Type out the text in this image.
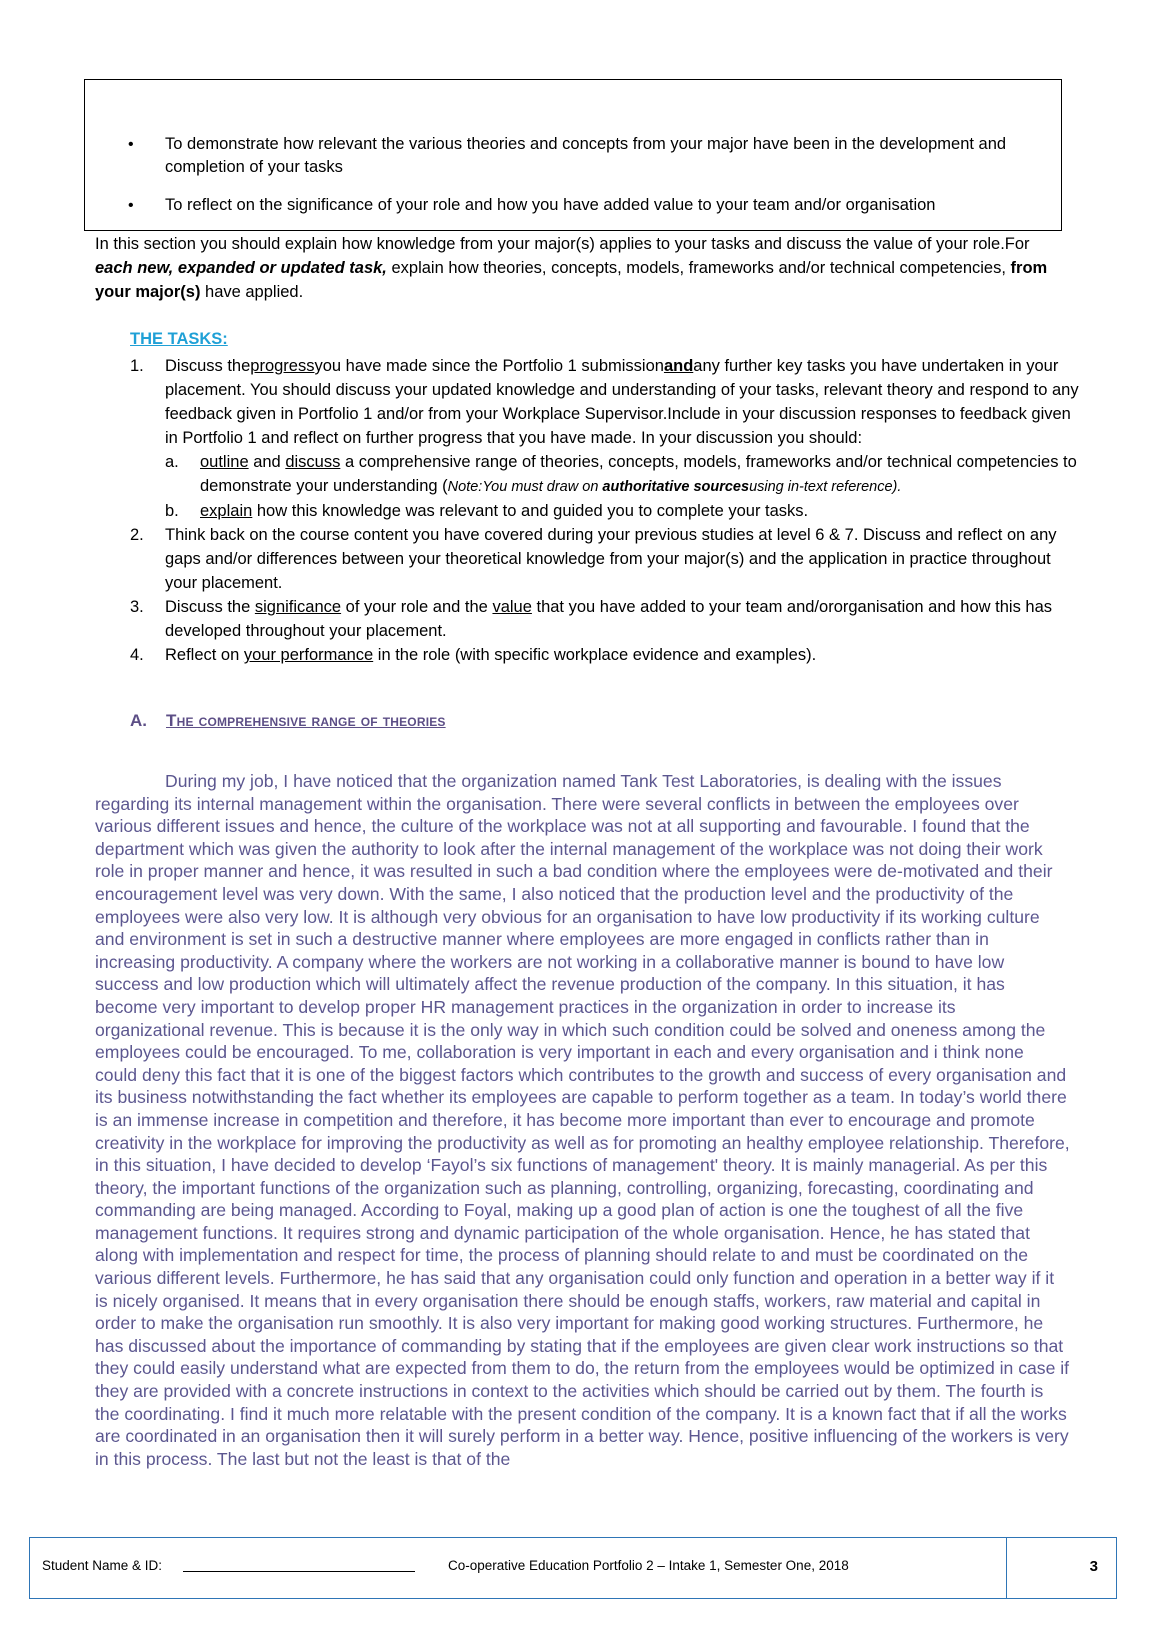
• To demonstrate how relevant the various theories and concepts from your major have been in the development and completion of your tasks
• To reflect on the significance of your role and how you have added value to your team and/or organisation
In this section you should explain how knowledge from your major(s) applies to your tasks and discuss the value of your role.For each new, expanded or updated task, explain how theories, concepts, models, frameworks and/or technical competencies, from your major(s) have applied.
THE TASKS:
1. Discuss theprogressyou have made since the Portfolio 1 submissionandany further key tasks you have undertaken in your placement. You should discuss your updated knowledge and understanding of your tasks, relevant theory and respond to any feedback given in Portfolio 1 and/or from your Workplace Supervisor.Include in your discussion responses to feedback given in Portfolio 1 and reflect on further progress that you have made. In your discussion you should:
a. outline and discuss a comprehensive range of theories, concepts, models, frameworks and/or technical competencies to demonstrate your understanding (Note:You must draw on authoritative sourcesusing in-text reference).
b. explain how this knowledge was relevant to and guided you to complete your tasks.
2. Think back on the course content you have covered during your previous studies at level 6 & 7. Discuss and reflect on any gaps and/or differences between your theoretical knowledge from your major(s) and the application in practice throughout your placement.
3. Discuss the significance of your role and the value that you have added to your team and/ororganisation and how this has developed throughout your placement.
4. Reflect on your performance in the role (with specific workplace evidence and examples).
A. The comprehensive range of theories
During my job, I have noticed that the organization named Tank Test Laboratories, is dealing with the issues regarding its internal management within the organisation. There were several conflicts in between the employees over various different issues and hence, the culture of the workplace was not at all supporting and favourable. I found that the department which was given the authority to look after the internal management of the workplace was not doing their work role in proper manner and hence, it was resulted in such a bad condition where the employees were de-motivated and their encouragement level was very down. With the same, I also noticed that the production level and the productivity of the employees were also very low. It is although very obvious for an organisation to have low productivity if its working culture and environment is set in such a destructive manner where employees are more engaged in conflicts rather than in increasing productivity. A company where the workers are not working in a collaborative manner is bound to have low success and low production which will ultimately affect the revenue production of the company. In this situation, it has become very important to develop proper HR management practices in the organization in order to increase its organizational revenue. This is because it is the only way in which such condition could be solved and oneness among the employees could be encouraged. To me, collaboration is very important in each and every organisation and i think none could deny this fact that it is one of the biggest factors which contributes to the growth and success of every organisation and its business notwithstanding the fact whether its employees are capable to perform together as a team. In today’s world there is an immense increase in competition and therefore, it has become more important than ever to encourage and promote creativity in the workplace for improving the productivity as well as for promoting an healthy employee relationship. Therefore, in this situation, I have decided to develop ‘Fayol’s six functions of management' theory. It is mainly managerial. As per this theory, the important functions of the organization such as planning, controlling, organizing, forecasting, coordinating and commanding are being managed. According to Foyal, making up a good plan of action is one the toughest of all the five management functions. It requires strong and dynamic participation of the whole organisation. Hence, he has stated that along with implementation and respect for time, the process of planning should relate to and must be coordinated on the various different levels. Furthermore, he has said that any organisation could only function and operation in a better way if it is nicely organised. It means that in every organisation there should be enough staffs, workers, raw material and capital in order to make the organisation run smoothly. It is also very important for making good working structures. Furthermore, he has discussed about the importance of commanding by stating that if the employees are given clear work instructions so that they could easily understand what are expected from them to do, the return from the employees would be optimized in case if they are provided with a concrete instructions in context to the activities which should be carried out by them. The fourth is the coordinating. I find it much more relatable with the present condition of the company. It is a known fact that if all the works are coordinated in an organisation then it will surely perform in a better way. Hence, positive influencing of the workers is very in this process. The last but not the least is that of the
Student Name & ID:	Co-operative Education Portfolio 2 – Intake 1, Semester One, 2018	3
